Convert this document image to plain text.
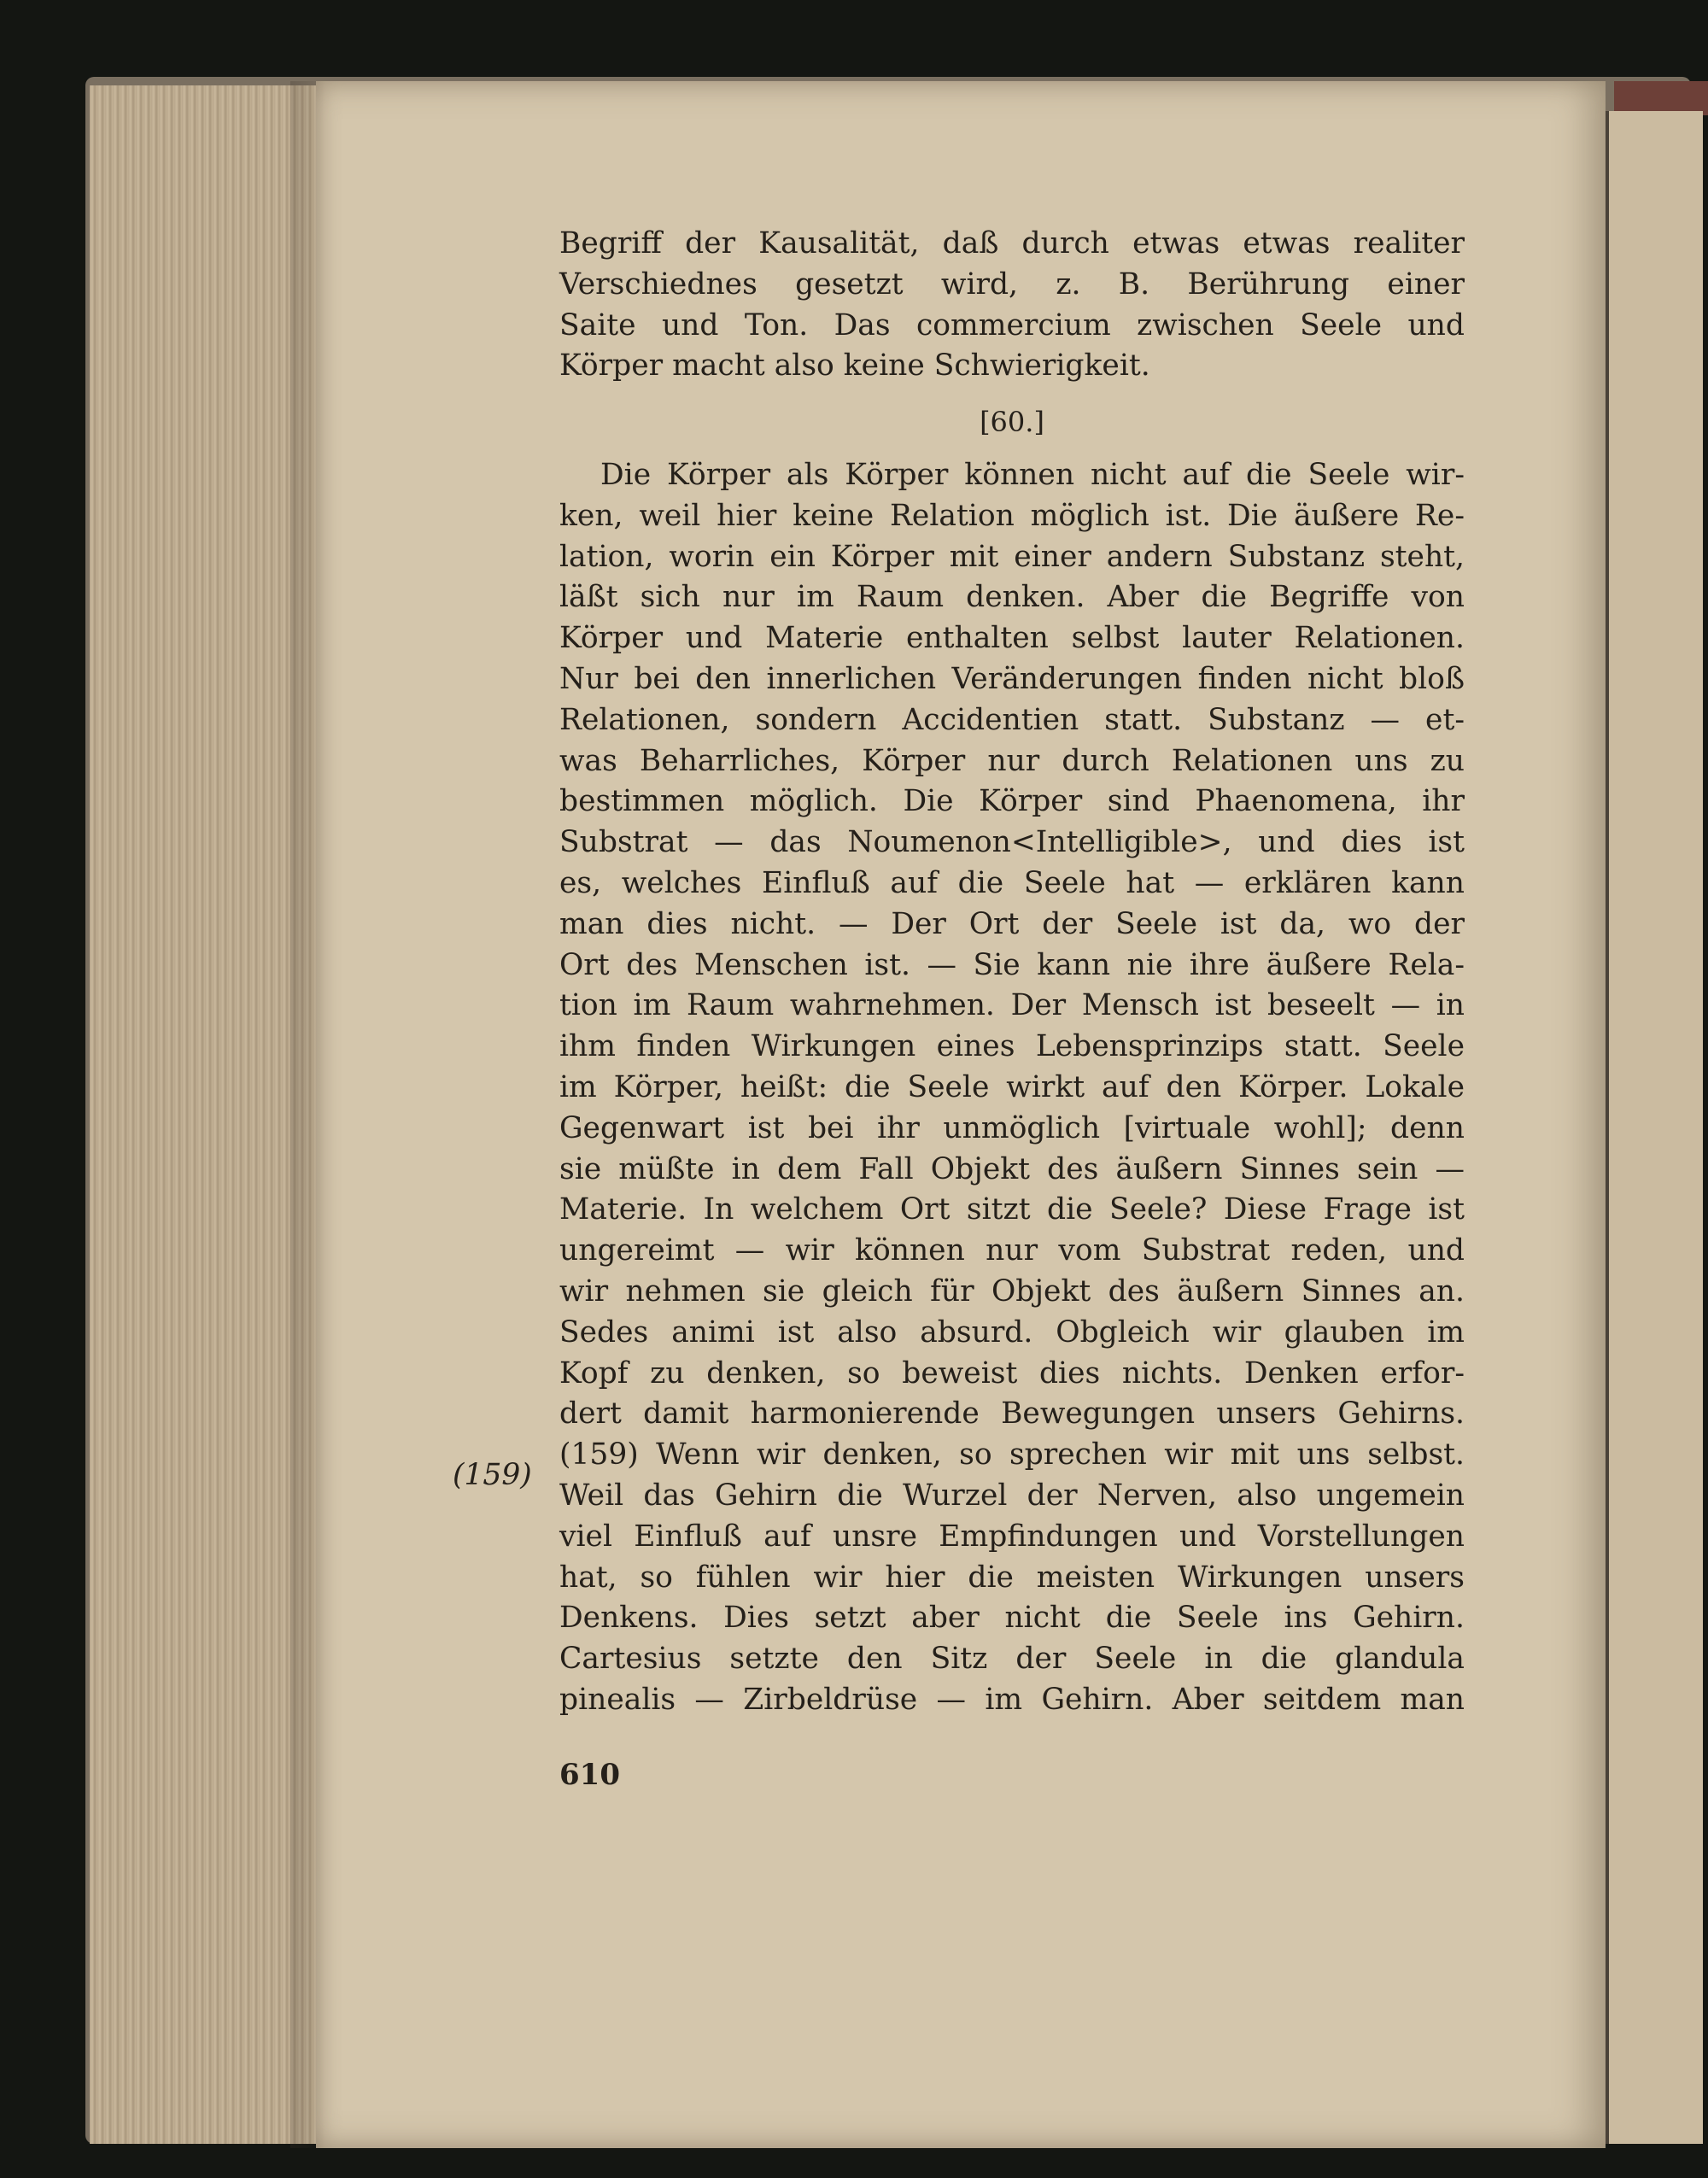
Begriff der Kausalität, daß durch etwas etwas realiter

Verschiednes gesetzt wird, z. B. Berührung einer

Saite und Ton. Das commercium zwischen Seele und

Körper macht also keine Schwierigkeit.

[60.]

Die Körper als Körper können nicht auf die Seele wir-

ken, weil hier keine Relation möglich ist. Die äußere Re-

lation, worin ein Körper mit einer andern Substanz steht,

läßt sich nur im Raum denken. Aber die Begriffe von

Körper und Materie enthalten selbst lauter Relationen.

Nur bei den innerlichen Veränderungen finden nicht bloß

Relationen, sondern Accidentien statt. Substanz — et-

was Beharrliches, Körper nur durch Relationen uns zu

bestimmen möglich. Die Körper sind Phaenomena, ihr

Substrat — das Noumenon<Intelligible>, und dies ist

es, welches Einfluß auf die Seele hat — erklären kann

man dies nicht. — Der Ort der Seele ist da, wo der

Ort des Menschen ist. — Sie kann nie ihre äußere Rela-

tion im Raum wahrnehmen. Der Mensch ist beseelt — in

ihm finden Wirkungen eines Lebensprinzips statt. Seele

im Körper, heißt: die Seele wirkt auf den Körper. Lokale

Gegenwart ist bei ihr unmöglich [virtuale wohl]; denn

sie müßte in dem Fall Objekt des äußern Sinnes sein —

Materie. In welchem Ort sitzt die Seele? Diese Frage ist

ungereimt — wir können nur vom Substrat reden, und

wir nehmen sie gleich für Objekt des äußern Sinnes an.

Sedes animi ist also absurd. Obgleich wir glauben im

Kopf zu denken, so beweist dies nichts. Denken erfor-

dert damit harmonierende Bewegungen unsers Gehirns.

(159) Wenn wir denken, so sprechen wir mit uns selbst.

Weil das Gehirn die Wurzel der Nerven, also ungemein

viel Einfluß auf unsre Empfindungen und Vorstellungen

hat, so fühlen wir hier die meisten Wirkungen unsers

Denkens. Dies setzt aber nicht die Seele ins Gehirn.

Cartesius setzte den Sitz der Seele in die glandula

pinealis — Zirbeldrüse — im Gehirn. Aber seitdem man

(159)
610
